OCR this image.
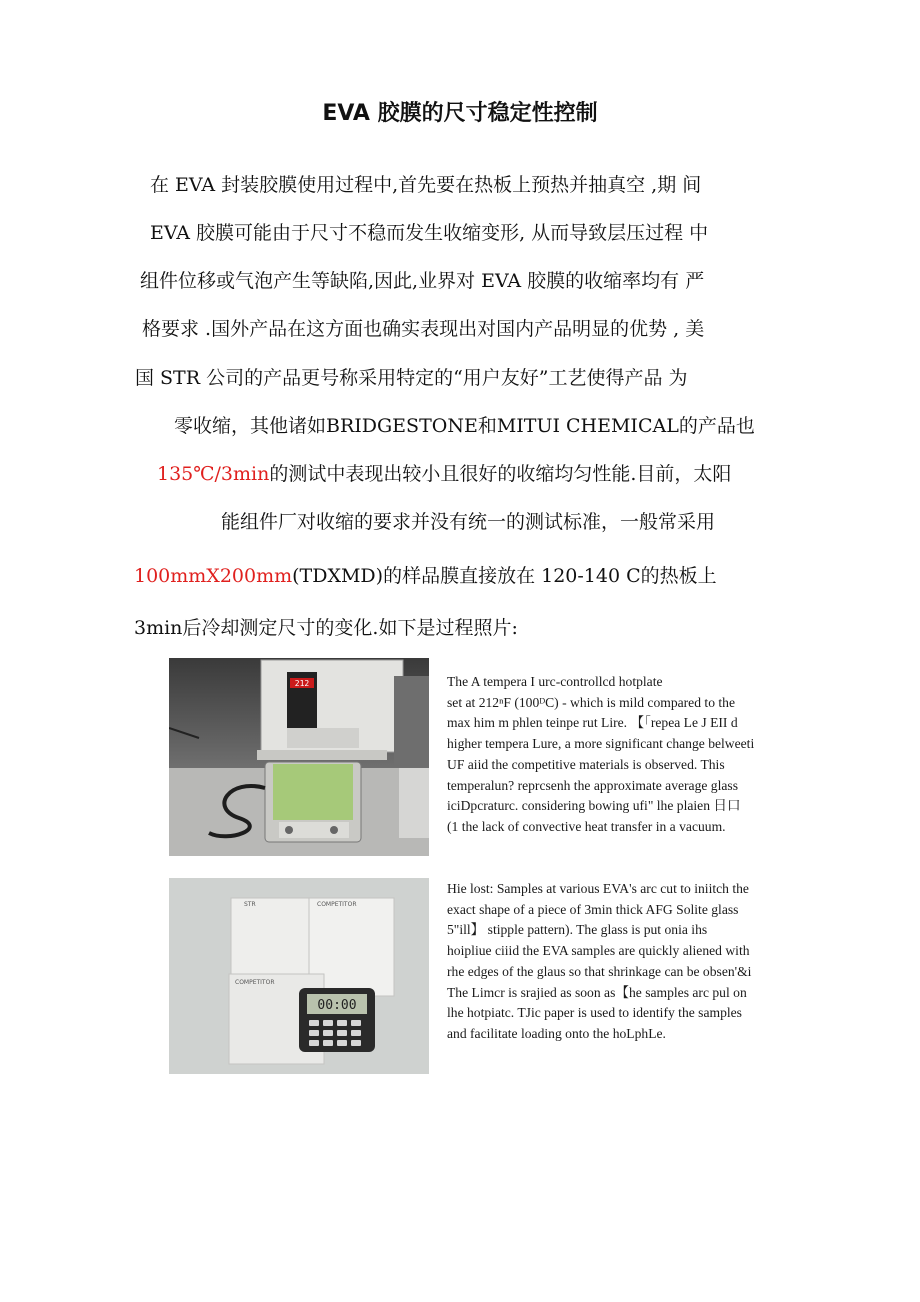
EVA 胶膜的尺寸稳定性控制
在 EVA 封装胶膜使用过程中,首先要在热板上预热并抽真空 ,期 间
EVA 胶膜可能由于尺寸不稳而发生收缩变形, 从而导致层压过程 中
组件位移或气泡产生等缺陷,因此,业界对 EVA 胶膜的收缩率均有 严
格要求 .国外产品在这方面也确实表现出对国内产品明显的优势 , 美
国 STR 公司的产品更号称采用特定的“用户友好”工艺使得产品 为
零收缩，其他诸如BRIDGESTONE和MITUI CHEMICAL的产品也
135℃/3min的测试中表现出较小且很好的收缩均匀性能.目前，太阳
能组件厂对收缩的要求并没有统一的测试标准，一般常采用
100mmX200mm(TDXMD)的样品膜直接放在 120-140 C的热板上
3min后冷却测定尺寸的变化.如下是过程照片:
212	The A tempera I urc-controllcd hotplate

set at 212ⁿF (100ᴰC) - which is mild compared to the

max him m phlen teinpe rut Lire. 【「repea Le J EII d

higher tempera Lure, a more significant change belweeti

UF aiid the competitive materials is observed. This

temperalun? reprcsenh the approximate average glass

iciDpcraturc. considering bowing ufi" lhe plaien 日口

(1 the lack of convective heat transfer in a vacuum.

STR	COMPETITOR
COMPETITOR
00:00

Hie lost: Samples at various EVA's arc cut to iniitch the

exact shape of a piece of 3min thick AFG Solite glass

5"ill】 stipple pattern). The glass is put onia ihs

hoipliue ciiid the EVA samples are quickly aliened with

rhe edges of the glaus so that shrinkage can be obsen'&i

The Limcr is srajied as soon as【he samples arc pul on

lhe hotpiatc. TJic paper is used to identify the samples

and facilitate loading onto the hoLphLe.
